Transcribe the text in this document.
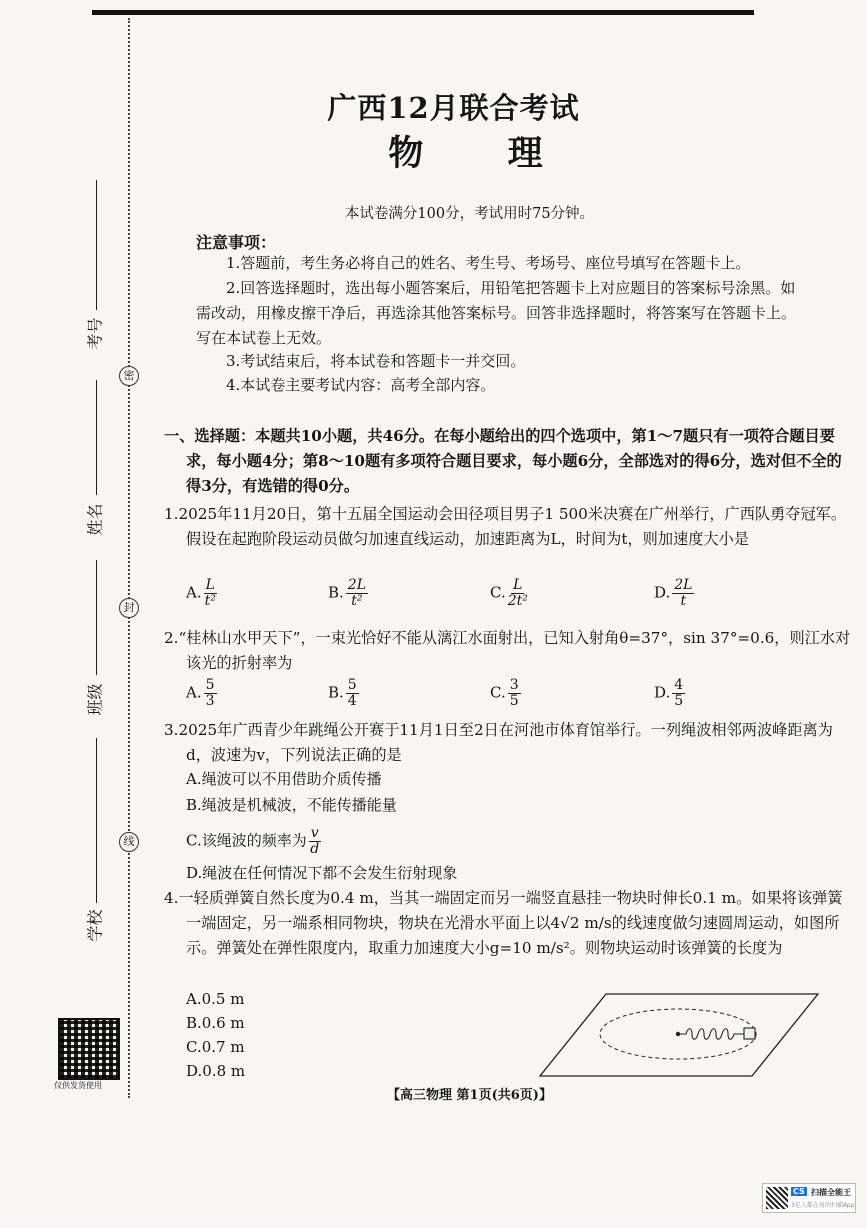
密
封
线
考号
姓名
班级
学校
仅供发货使用
广西12月联合考试
物 理
本试卷满分100分，考试用时75分钟。
注意事项：
1.答题前，考生务必将自己的姓名、考生号、考场号、座位号填写在答题卡上。
2.回答选择题时，选出每小题答案后，用铅笔把答题卡上对应题目的答案标号涂黑。如需改动，用橡皮擦干净后，再选涂其他答案标号。回答非选择题时，将答案写在答题卡上。写在本试卷上无效。
3.考试结束后，将本试卷和答题卡一并交回。
4.本试卷主要考试内容：高考全部内容。
一、选择题：本题共10小题，共46分。在每小题给出的四个选项中，第1～7题只有一项符合题目要求，每小题4分；第8～10题有多项符合题目要求，每小题6分，全部选对的得6分，选对但不全的得3分，有选错的得0分。
1.2025年11月20日，第十五届全国运动会田径项目男子1 500米决赛在广州举行，广西队勇夺冠军。假设在起跑阶段运动员做匀加速直线运动，加速距离为L，时间为t，则加速度大小是
A. $\frac{L}{\text{t²}}$	B. $\frac{2L}{\text{t²}}$	C. $\frac{L}{\text{2t²}}$	D. $\frac{2L}{t}$
2.“桂林山水甲天下”，一束光恰好不能从漓江水面射出，已知入射角θ=37°，sin 37°=0.6，则江水对该光的折射率为
A. $\frac{5}{3}$	B. $\frac{5}{4}$	C. $\frac{3}{5}$	D. $\frac{4}{5}$
3.2025年广西青少年跳绳公开赛于11月1日至2日在河池市体育馆举行。一列绳波相邻两波峰距离为d，波速为v，下列说法正确的是
A.绳波可以不用借助介质传播
B.绳波是机械波，不能传播能量
C.该绳波的频率为 $\frac{v}{d}$
D.绳波在任何情况下都不会发生衍射现象
4.一轻质弹簧自然长度为0.4 m，当其一端固定而另一端竖直悬挂一物块时伸长0.1 m。如果将该弹簧一端固定，另一端系相同物块，物块在光滑水平面上以4√2 m/s的线速度做匀速圆周运动，如图所示。弹簧处在弹性限度内，取重力加速度大小g=10 m/s²。则物块运动时该弹簧的长度为
A.0.5 m
B.0.6 m
C.0.7 m
D.0.8 m
【高三物理 第1页(共6页)】
CS 扫描全能王
3亿人都在用的扫描App
